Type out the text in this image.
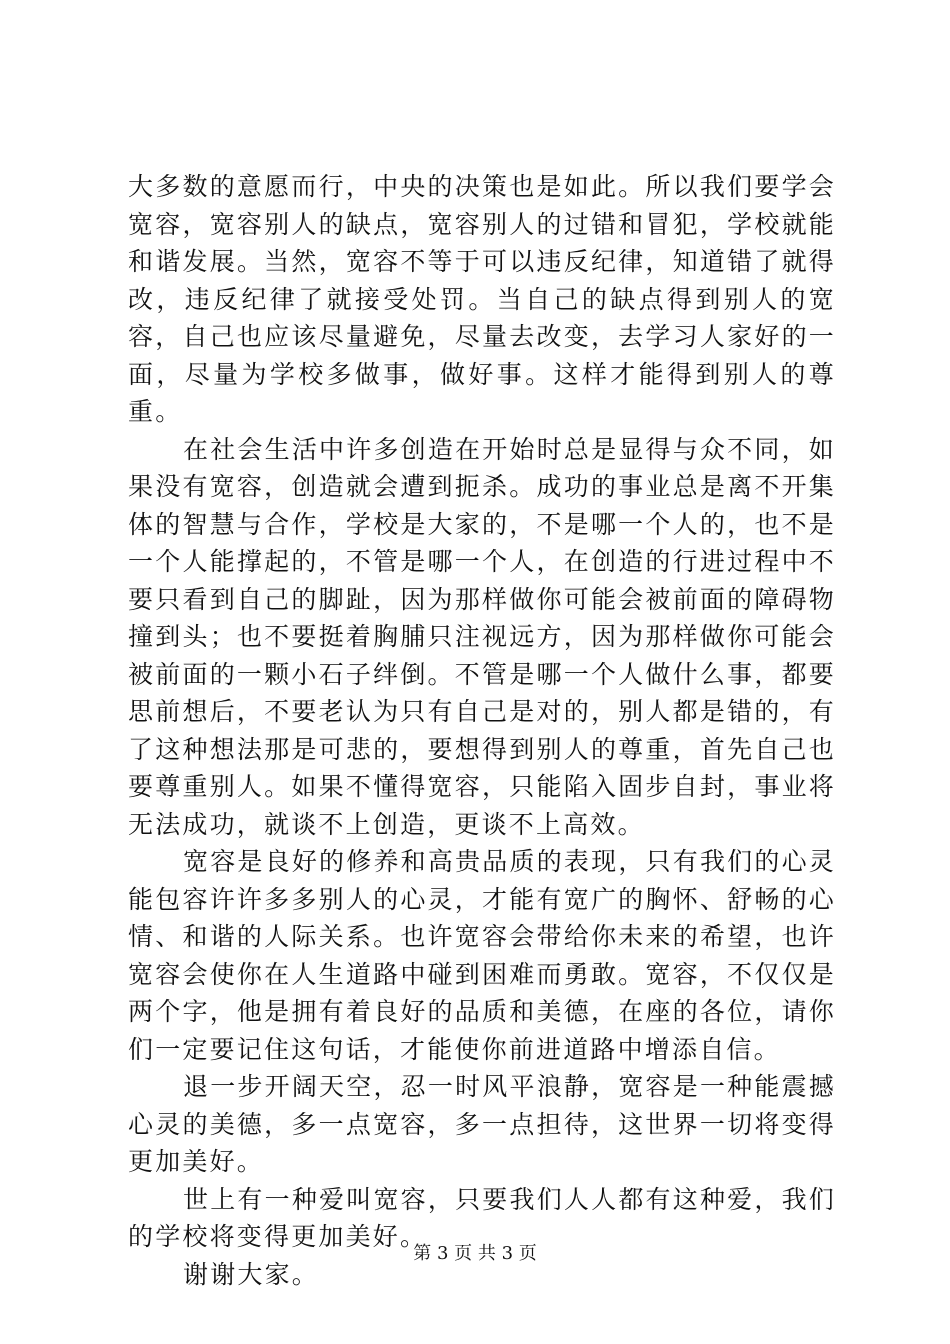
大多数的意愿而行，中央的决策也是如此。所以我们要学会宽容，宽容别人的缺点，宽容别人的过错和冒犯，学校就能和谐发展。当然，宽容不等于可以违反纪律，知道错了就得改，违反纪律了就接受处罚。当自己的缺点得到别人的宽容，自己也应该尽量避免，尽量去改变，去学习人家好的一面，尽量为学校多做事，做好事。这样才能得到别人的尊重。

在社会生活中许多创造在开始时总是显得与众不同，如果没有宽容，创造就会遭到扼杀。成功的事业总是离不开集体的智慧与合作，学校是大家的，不是哪一个人的，也不是一个人能撑起的，不管是哪一个人，在创造的行进过程中不要只看到自己的脚趾，因为那样做你可能会被前面的障碍物撞到头；也不要挺着胸脯只注视远方，因为那样做你可能会被前面的一颗小石子绊倒。不管是哪一个人做什么事，都要思前想后，不要老认为只有自己是对的，别人都是错的，有了这种想法那是可悲的，要想得到别人的尊重，首先自己也要尊重别人。如果不懂得宽容，只能陷入固步自封，事业将无法成功，就谈不上创造，更谈不上高效。

宽容是良好的修养和高贵品质的表现，只有我们的心灵能包容许许多多别人的心灵，才能有宽广的胸怀、舒畅的心情、和谐的人际关系。也许宽容会带给你未来的希望，也许宽容会使你在人生道路中碰到困难而勇敢。宽容，不仅仅是两个字，他是拥有着良好的品质和美德，在座的各位，请你们一定要记住这句话，才能使你前进道路中增添自信。

退一步开阔天空，忍一时风平浪静，宽容是一种能震撼心灵的美德，多一点宽容，多一点担待，这世界一切将变得更加美好。

世上有一种爱叫宽容，只要我们人人都有这种爱，我们的学校将变得更加美好。

谢谢大家。

第 3 页 共 3 页
